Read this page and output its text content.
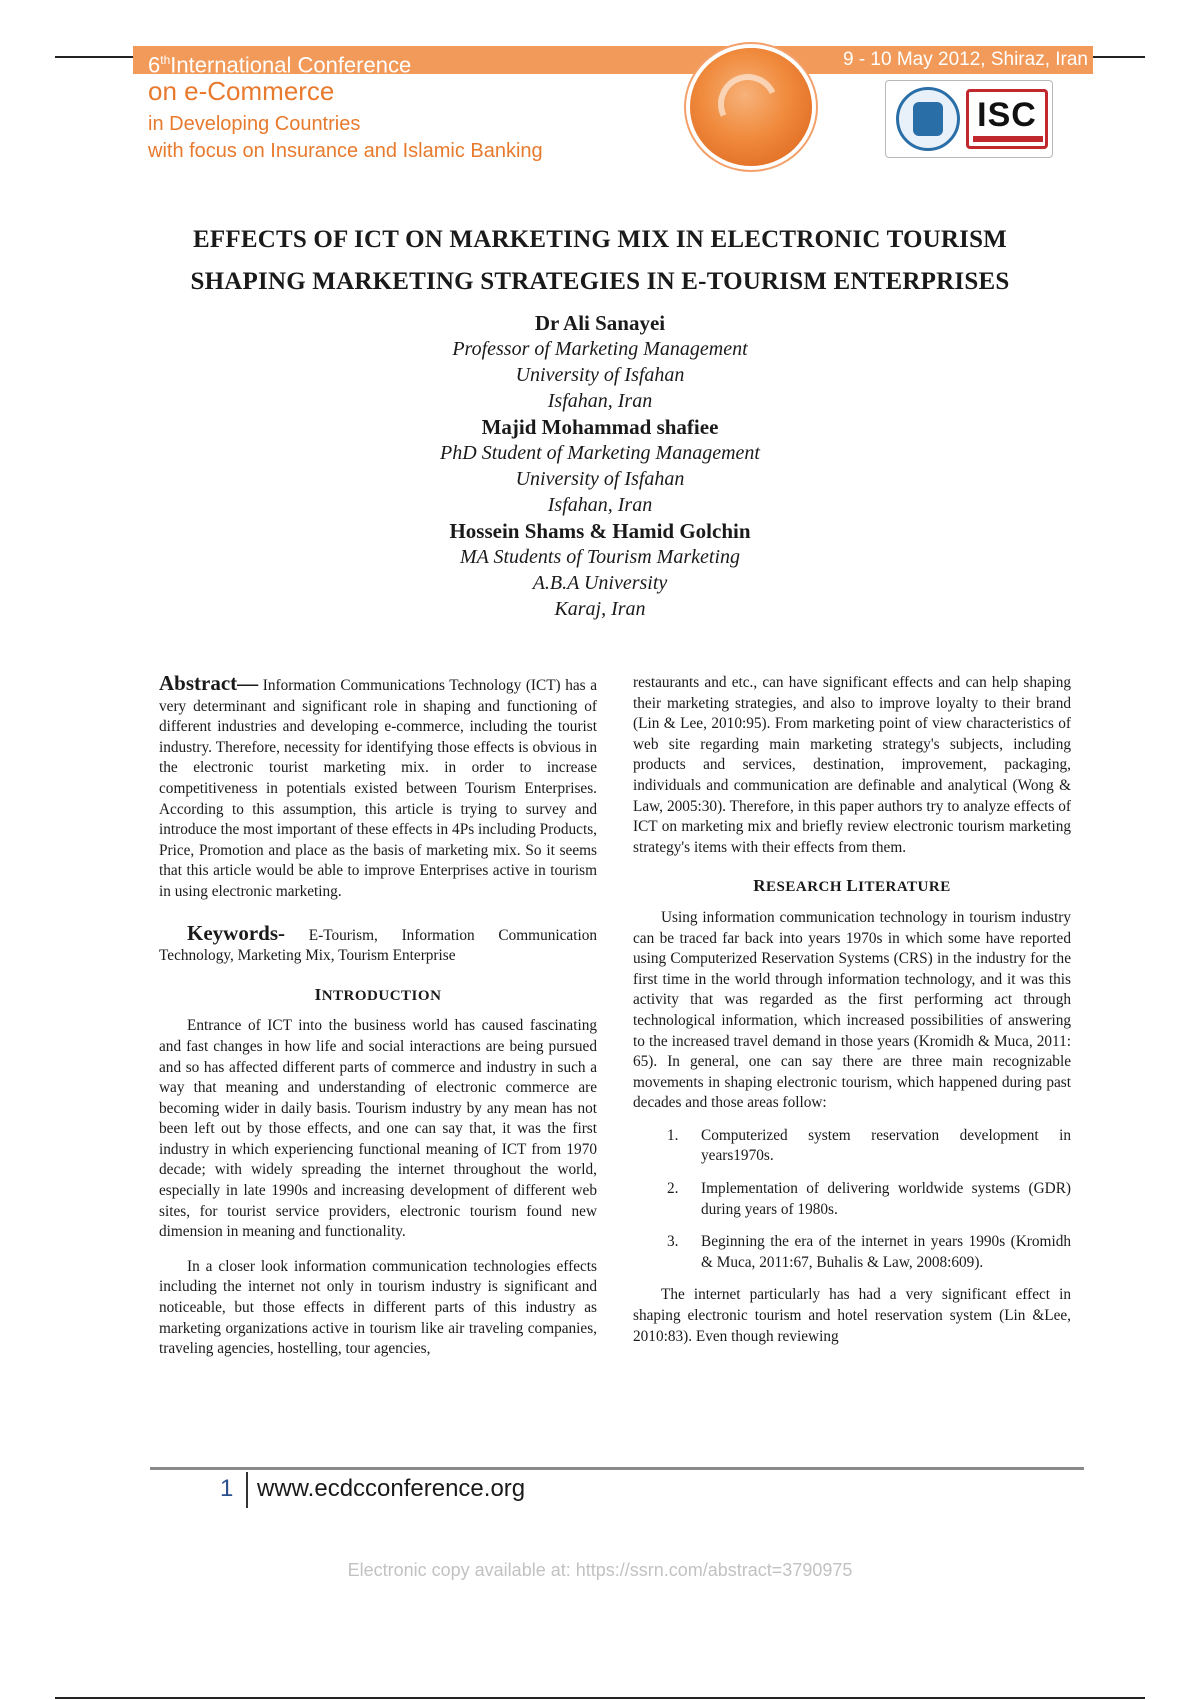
6thInternational Conference	9 - 10 May 2012, Shiraz, Iran
on e-Commerce
in Developing Countries
with focus on Insurance and Islamic Banking
ISC
EFFECTS OF ICT ON MARKETING MIX IN ELECTRONIC TOURISM
SHAPING MARKETING STRATEGIES IN E-TOURISM ENTERPRISES
Dr Ali Sanayei
Professor of Marketing Management
University of Isfahan
Isfahan, Iran
Majid Mohammad shafiee
PhD Student of Marketing Management
University of Isfahan
Isfahan, Iran
Hossein Shams & Hamid Golchin
MA Students of Tourism Marketing
A.B.A University
Karaj, Iran

Abstract— Information Communications Technology (ICT) has a very determinant and significant role in shaping and functioning of different industries and developing e-commerce, including the tourist industry. Therefore, necessity for identifying those effects is obvious in the electronic tourist marketing mix. in order to increase competitiveness in potentials existed between Tourism Enterprises. According to this assumption, this article is trying to survey and introduce the most important of these effects in 4Ps including Products, Price, Promotion and place as the basis of marketing mix. So it seems that this article would be able to improve Enterprises active in tourism in using electronic marketing.

Keywords- E-Tourism, Information Communication Technology, Marketing Mix, Tourism Enterprise

INTRODUCTION

Entrance of ICT into the business world has caused fascinating and fast changes in how life and social interactions are being pursued and so has affected different parts of commerce and industry in such a way that meaning and understanding of electronic commerce are becoming wider in daily basis. Tourism industry by any mean has not been left out by those effects, and one can say that, it was the first industry in which experiencing functional meaning of ICT from 1970 decade; with widely spreading the internet throughout the world, especially in late 1990s and increasing development of different web sites, for tourist service providers, electronic tourism found new dimension in meaning and functionality.

In a closer look information communication technologies effects including the internet not only in tourism industry is significant and noticeable, but those effects in different parts of this industry as marketing organizations active in tourism like air traveling companies, traveling agencies, hostelling, tour agencies,

restaurants and etc., can have significant effects and can help shaping their marketing strategies, and also to improve loyalty to their brand (Lin & Lee, 2010:95). From marketing point of view characteristics of web site regarding main marketing strategy's subjects, including products and services, destination, improvement, packaging, individuals and communication are definable and analytical (Wong & Law, 2005:30). Therefore, in this paper authors try to analyze effects of ICT on marketing mix and briefly review electronic tourism marketing strategy's items with their effects from them.

RESEARCH LITERATURE

Using information communication technology in tourism industry can be traced far back into years 1970s in which some have reported using Computerized Reservation Systems (CRS) in the industry for the first time in the world through information technology, and it was this activity that was regarded as the first performing act through technological information, which increased possibilities of answering to the increased travel demand in those years (Kromidh & Muca, 2011: 65). In general, one can say there are three main recognizable movements in shaping electronic tourism, which happened during past decades and those areas follow:

1. Computerized system reservation development in years1970s.
2. Implementation of delivering worldwide systems (GDR) during years of 1980s.
3. Beginning the era of the internet in years 1990s (Kromidh & Muca, 2011:67, Buhalis & Law, 2008:609).

The internet particularly has had a very significant effect in shaping electronic tourism and hotel reservation system (Lin &Lee, 2010:83). Even though reviewing

1 www.ecdcconference.org
Electronic copy available at: https://ssrn.com/abstract=3790975
